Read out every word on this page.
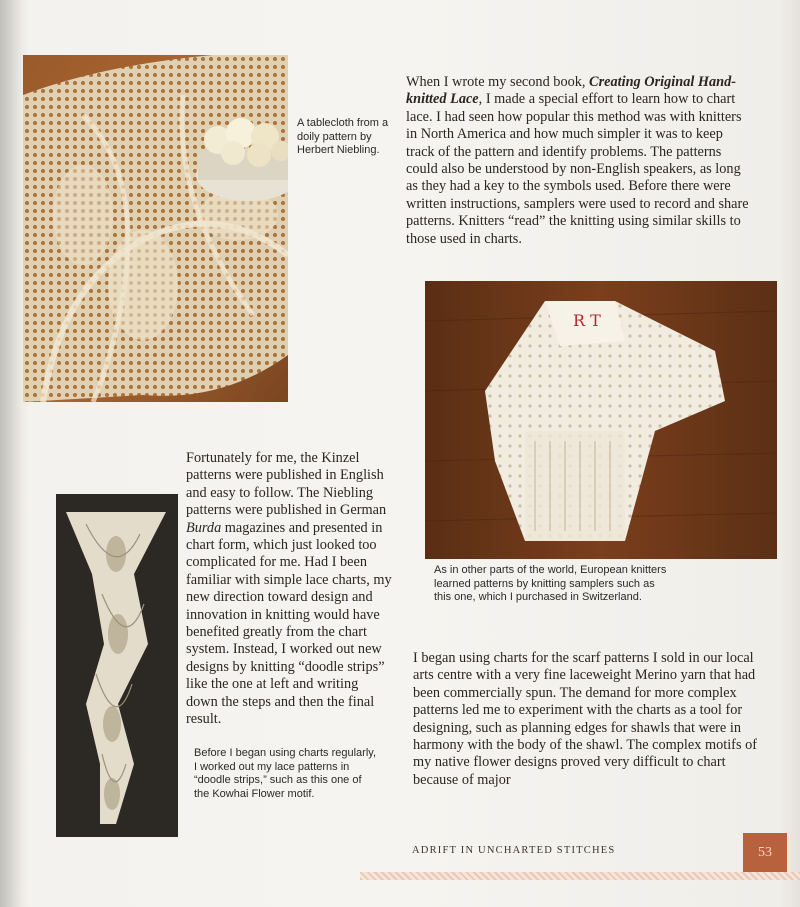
A tablecloth from a doily pattern by Herbert Niebling.

When I wrote my second book, Creating Original Hand-knitted Lace, I made a special effort to learn how to chart lace. I had seen how popular this method was with knitters in North America and how much simpler it was to keep track of the pattern and identify problems. The patterns could also be understood by non-English speakers, as long as they had a key to the symbols used. Before there were written instructions, samplers were used to record and share patterns. Knitters “read” the knitting using similar skills to those used in charts.

R T

As in other parts of the world, European knitters learned patterns by knitting samplers such as this one, which I purchased in Switzerland.

Fortunately for me, the Kinzel patterns were published in English and easy to follow. The Niebling patterns were published in German Burda magazines and presented in chart form, which just looked too complicated for me. Had I been familiar with simple lace charts, my new direction toward design and innovation in knitting would have benefited greatly from the chart system. Instead, I worked out new designs by knitting “doodle strips” like the one at left and writing down the steps and then the final result.

Before I began using charts regularly, I worked out my lace patterns in “doodle strips,” such as this one of the Kowhai Flower motif.

I began using charts for the scarf patterns I sold in our local arts centre with a very fine laceweight Merino yarn that had been commercially spun. The demand for more complex patterns led me to experiment with the charts as a tool for designing, such as planning edges for shawls that were in harmony with the body of the shawl. The complex motifs of my native flower designs proved very difficult to chart because of major

ADRIFT IN UNCHARTED STITCHES	53
